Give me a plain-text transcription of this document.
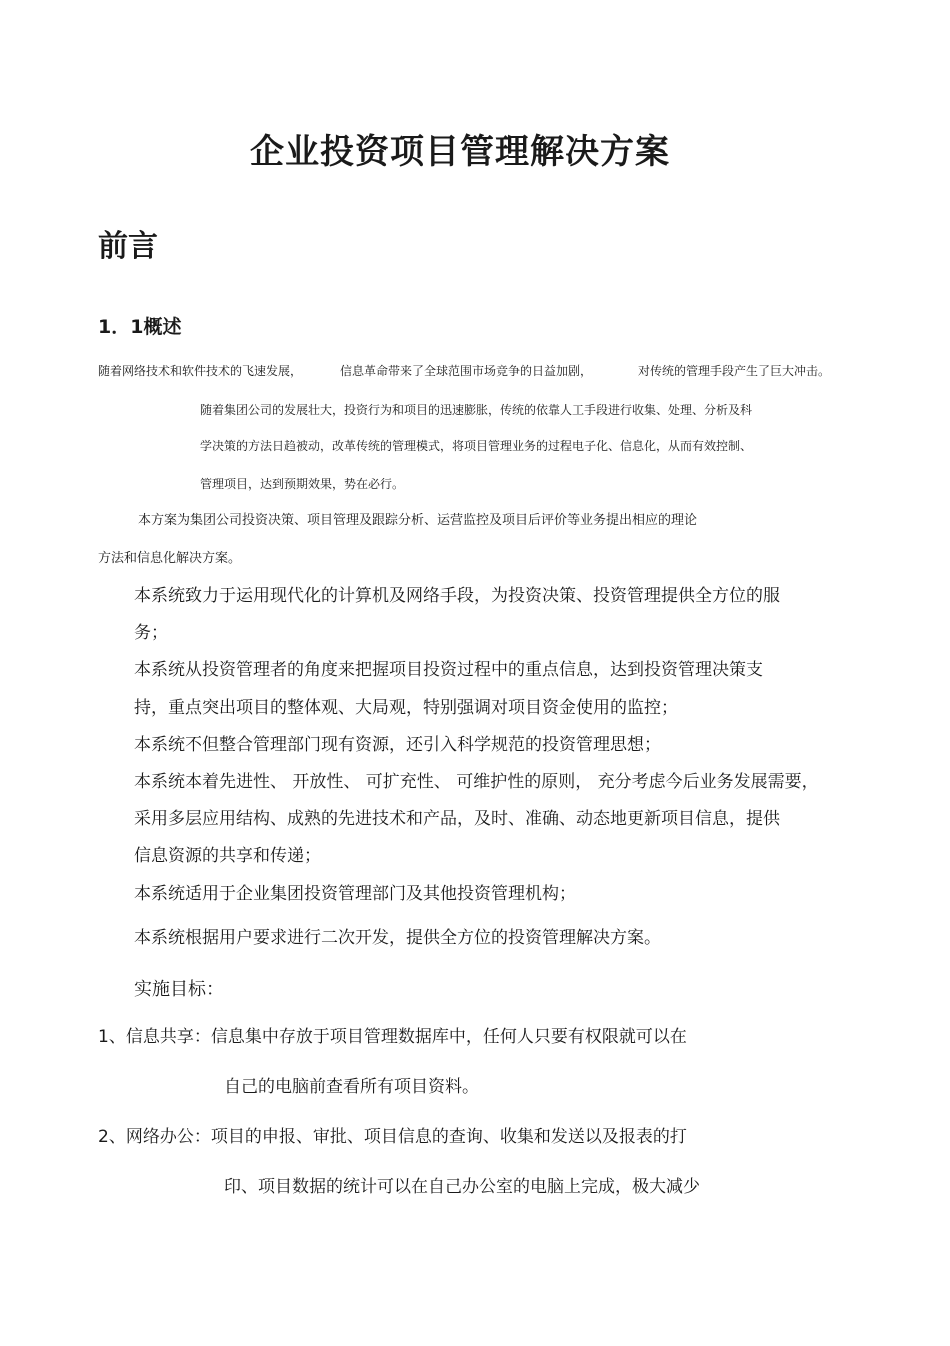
企业投资项目管理解决方案
前言
1．1概述

随着网络技术和软件技术的飞速发展，	信息革命带来了全球范围市场竞争的日益加剧，	对传统的管理手段产生了巨大冲击。

随着集团公司的发展壮大，投资行为和项目的迅速膨胀，传统的依靠人工手段进行收集、处理、分析及科

学决策的方法日趋被动，改革传统的管理模式，将项目管理业务的过程电子化、信息化，从而有效控制、

管理项目，达到预期效果，势在必行。

本方案为集团公司投资决策、项目管理及跟踪分析、运营监控及项目后评价等业务提出相应的理论

方法和信息化解决方案。

本系统致力于运用现代化的计算机及网络手段，为投资决策、投资管理提供全方位的服

务；

本系统从投资管理者的角度来把握项目投资过程中的重点信息，达到投资管理决策支

持，重点突出项目的整体观、大局观，特别强调对项目资金使用的监控；

本系统不但整合管理部门现有资源，还引入科学规范的投资管理思想；

本系统本着先进性、 开放性、 可扩充性、 可维护性的原则， 充分考虑今后业务发展需要，

采用多层应用结构、成熟的先进技术和产品，及时、准确、动态地更新项目信息，提供

信息资源的共享和传递；

本系统适用于企业集团投资管理部门及其他投资管理机构；

本系统根据用户要求进行二次开发，提供全方位的投资管理解决方案。

实施目标：

1、信息共享：信息集中存放于项目管理数据库中，任何人只要有权限就可以在

自己的电脑前查看所有项目资料。

2、网络办公：项目的申报、审批、项目信息的查询、收集和发送以及报表的打

印、项目数据的统计可以在自己办公室的电脑上完成，极大减少
